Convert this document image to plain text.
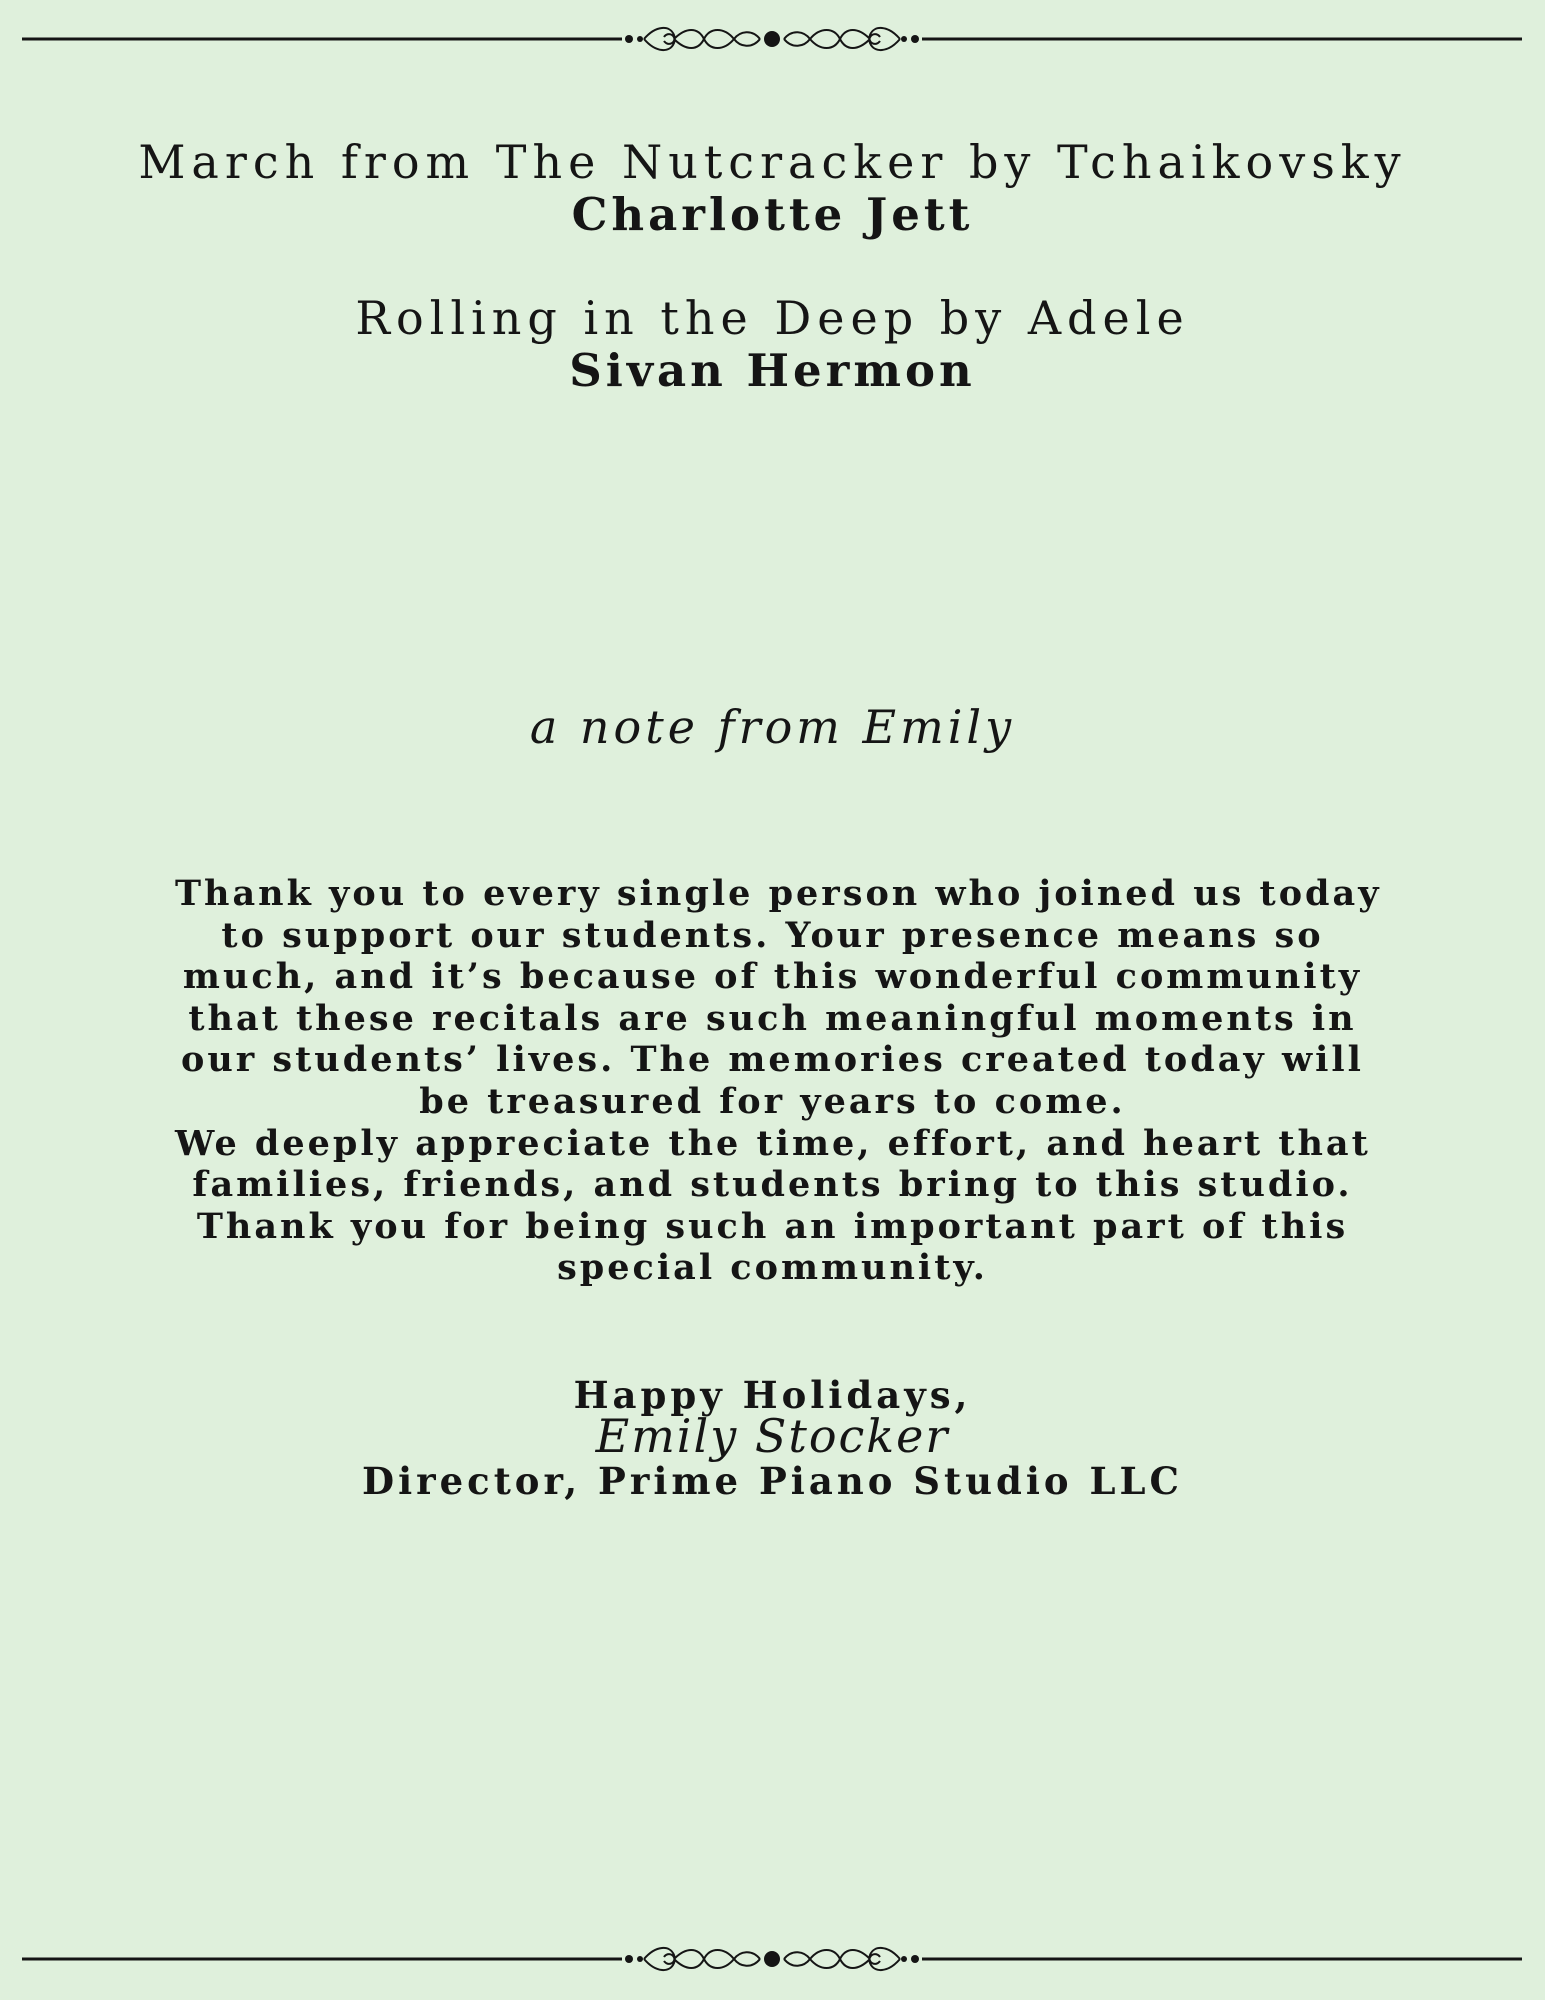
March from The Nutcracker by Tchaikovsky
Charlotte Jett
Rolling in the Deep by Adele
Sivan Hermon
a note from Emily
Thank you to every single person who joined us today
to support our students. Your presence means so
much, and it’s because of this wonderful community
that these recitals are such meaningful moments in
our students’ lives. The memories created today will
be treasured for years to come.
We deeply appreciate the time, effort, and heart that
families, friends, and students bring to this studio.
Thank you for being such an important part of this
special community.
Happy Holidays,
Emily Stocker
Director, Prime Piano Studio LLC
